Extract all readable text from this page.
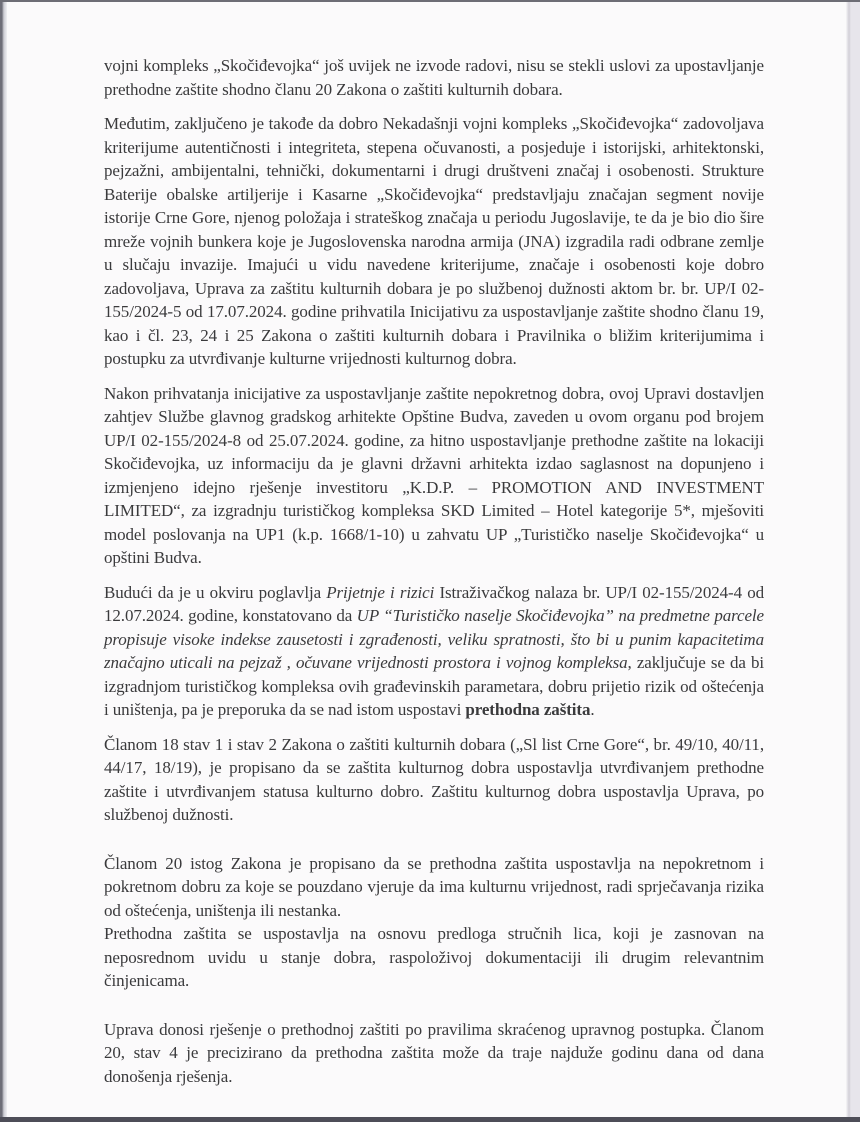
vojni kompleks „Skočiđevojka“ još uvijek ne izvode radovi, nisu se stekli uslovi za upostavljanje prethodne zaštite shodno članu 20 Zakona o zaštiti kulturnih dobara.

Međutim, zaključeno je takođe da dobro Nekadašnji vojni kompleks „Skočiđevojka“ zadovoljava kriterijume autentičnosti i integriteta, stepena očuvanosti, a posjeduje i istorijski, arhitektonski, pejzažni, ambijentalni, tehnički, dokumentarni i drugi društveni značaj i osobenosti. Strukture Baterije obalske artiljerije i Kasarne „Skočiđevojka“ predstavljaju značajan segment novije istorije Crne Gore, njenog položaja i strateškog značaja u periodu Jugoslavije, te da je bio dio šire mreže vojnih bunkera koje je Jugoslovenska narodna armija (JNA) izgradila radi odbrane zemlje u slučaju invazije. Imajući u vidu navedene kriterijume, značaje i osobenosti koje dobro zadovoljava, Uprava za zaštitu kulturnih dobara je po službenoj dužnosti aktom br. br. UP/I 02-155/2024-5 od 17.07.2024. godine prihvatila Inicijativu za uspostavljanje zaštite shodno članu 19, kao i čl. 23, 24 i 25 Zakona o zaštiti kulturnih dobara i Pravilnika o bližim kriterijumima i postupku za utvrđivanje kulturne vrijednosti kulturnog dobra.

Nakon prihvatanja inicijative za uspostavljanje zaštite nepokretnog dobra, ovoj Upravi dostavljen zahtjev Službe glavnog gradskog arhitekte Opštine Budva, zaveden u ovom organu pod brojem UP/I 02-155/2024-8 od 25.07.2024. godine, za hitno uspostavljanje prethodne zaštite na lokaciji Skočiđevojka, uz informaciju da je glavni državni arhitekta izdao saglasnost na dopunjeno i izmjenjeno idejno rješenje investitoru „K.D.P. – PROMOTION AND INVESTMENT LIMITED“, za izgradnju turističkog kompleksa SKD Limited – Hotel kategorije 5*, mješoviti model poslovanja na UP1 (k.p. 1668/1-10) u zahvatu UP „Turističko naselje Skočiđevojka“ u opštini Budva.

Budući da je u okviru poglavlja Prijetnje i rizici Istraživačkog nalaza br. UP/I 02-155/2024-4 od 12.07.2024. godine, konstatovano da UP “Turističko naselje Skočiđevojka” na predmetne parcele propisuje visoke indekse zausetosti i zgrađenosti, veliku spratnosti, što bi u punim kapacitetima značajno uticali na pejzaž , očuvane vrijednosti prostora i vojnog kompleksa, zaključuje se da bi izgradnjom turističkog kompleksa ovih građevinskih parametara, dobru prijetio rizik od oštećenja i uništenja, pa je preporuka da se nad istom uspostavi prethodna zaštita.

Članom 18 stav 1 i stav 2 Zakona o zaštiti kulturnih dobara („Sl list Crne Gore“, br. 49/10, 40/11, 44/17, 18/19), je propisano da se zaštita kulturnog dobra uspostavlja utvrđivanjem prethodne zaštite i utvrđivanjem statusa kulturno dobro. Zaštitu kulturnog dobra uspostavlja Uprava, po službenoj dužnosti.

Članom 20 istog Zakona je propisano da se prethodna zaštita uspostavlja na nepokretnom i pokretnom dobru za koje se pouzdano vjeruje da ima kulturnu vrijednost, radi sprječavanja rizika od oštećenja, uništenja ili nestanka.

Prethodna zaštita se uspostavlja na osnovu predloga stručnih lica, koji je zasnovan na neposrednom uvidu u stanje dobra, raspoloživoj dokumentaciji ili drugim relevantnim činjenicama.

Uprava donosi rješenje o prethodnoj zaštiti po pravilima skraćenog upravnog postupka. Članom 20, stav 4 je precizirano da prethodna zaštita može da traje najduže godinu dana od dana donošenja rješenja.
